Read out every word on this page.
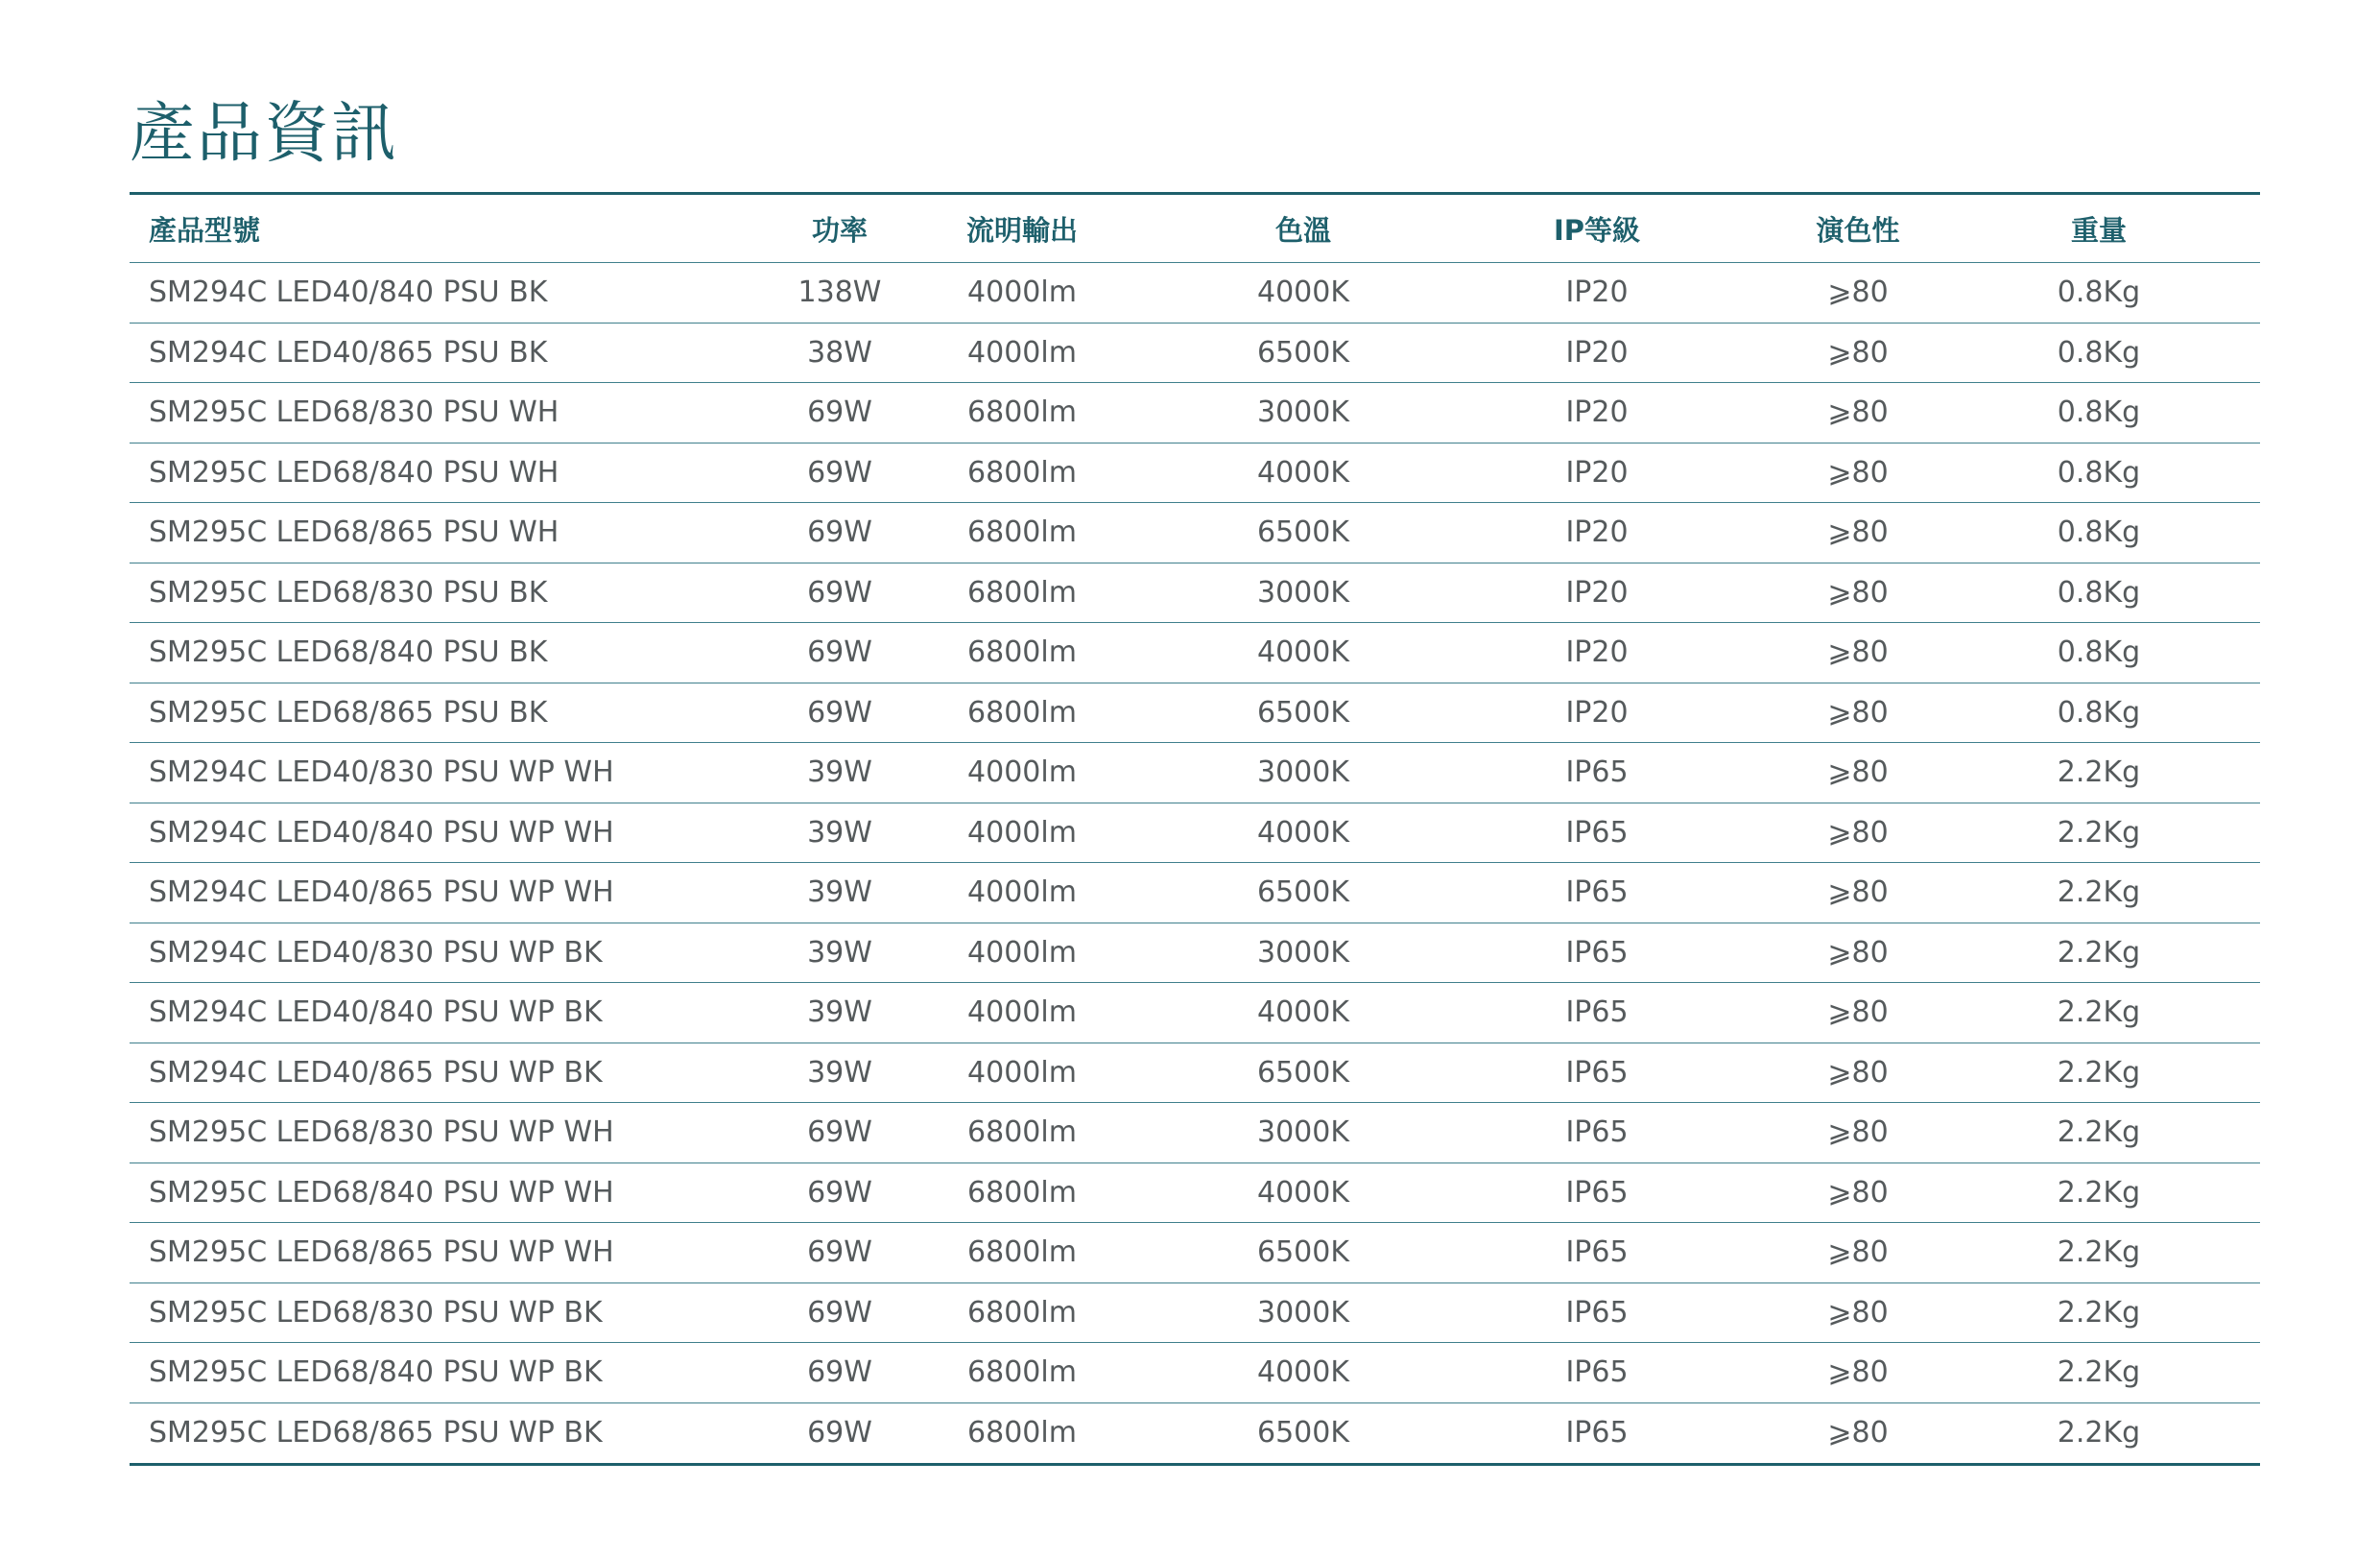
產品資訊
產品型號	功率	流明輸出	色溫	IP等級	演色性	重量
SM294C LED40/840 PSU BK	138W	4000lm	4000K	IP20	⩾80	0.8Kg
SM294C LED40/865 PSU BK	38W	4000lm	6500K	IP20	⩾80	0.8Kg
SM295C LED68/830 PSU WH	69W	6800lm	3000K	IP20	⩾80	0.8Kg
SM295C LED68/840 PSU WH	69W	6800lm	4000K	IP20	⩾80	0.8Kg
SM295C LED68/865 PSU WH	69W	6800lm	6500K	IP20	⩾80	0.8Kg
SM295C LED68/830 PSU BK	69W	6800lm	3000K	IP20	⩾80	0.8Kg
SM295C LED68/840 PSU BK	69W	6800lm	4000K	IP20	⩾80	0.8Kg
SM295C LED68/865 PSU BK	69W	6800lm	6500K	IP20	⩾80	0.8Kg
SM294C LED40/830 PSU WP WH	39W	4000lm	3000K	IP65	⩾80	2.2Kg
SM294C LED40/840 PSU WP WH	39W	4000lm	4000K	IP65	⩾80	2.2Kg
SM294C LED40/865 PSU WP WH	39W	4000lm	6500K	IP65	⩾80	2.2Kg
SM294C LED40/830 PSU WP BK	39W	4000lm	3000K	IP65	⩾80	2.2Kg
SM294C LED40/840 PSU WP BK	39W	4000lm	4000K	IP65	⩾80	2.2Kg
SM294C LED40/865 PSU WP BK	39W	4000lm	6500K	IP65	⩾80	2.2Kg
SM295C LED68/830 PSU WP WH	69W	6800lm	3000K	IP65	⩾80	2.2Kg
SM295C LED68/840 PSU WP WH	69W	6800lm	4000K	IP65	⩾80	2.2Kg
SM295C LED68/865 PSU WP WH	69W	6800lm	6500K	IP65	⩾80	2.2Kg
SM295C LED68/830 PSU WP BK	69W	6800lm	3000K	IP65	⩾80	2.2Kg
SM295C LED68/840 PSU WP BK	69W	6800lm	4000K	IP65	⩾80	2.2Kg
SM295C LED68/865 PSU WP BK	69W	6800lm	6500K	IP65	⩾80	2.2Kg
